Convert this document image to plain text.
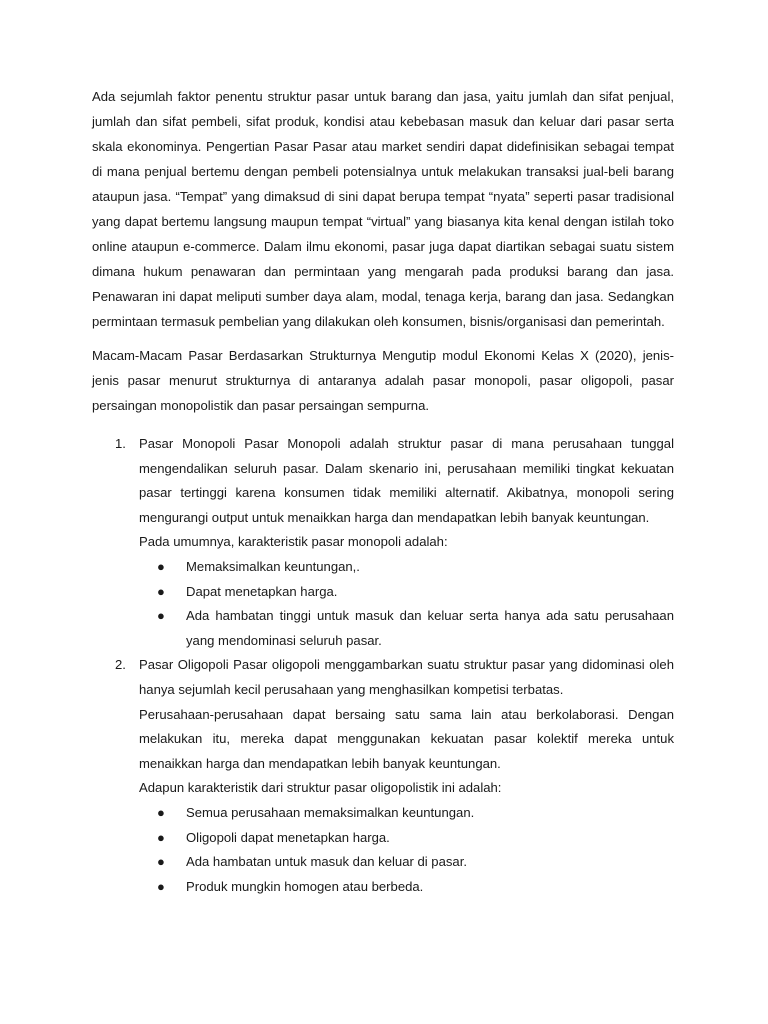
Ada sejumlah faktor penentu struktur pasar untuk barang dan jasa, yaitu jumlah dan sifat penjual, jumlah dan sifat pembeli, sifat produk, kondisi atau kebebasan masuk dan keluar dari pasar serta skala ekonominya. Pengertian Pasar Pasar atau market sendiri dapat didefinisikan sebagai tempat di mana penjual bertemu dengan pembeli potensialnya untuk melakukan transaksi jual-beli barang ataupun jasa. “Tempat” yang dimaksud di sini dapat berupa tempat “nyata” seperti pasar tradisional yang dapat bertemu langsung maupun tempat “virtual” yang biasanya kita kenal dengan istilah toko online ataupun e-commerce. Dalam ilmu ekonomi, pasar juga dapat diartikan sebagai suatu sistem dimana hukum penawaran dan permintaan yang mengarah pada produksi barang dan jasa. Penawaran ini dapat meliputi sumber daya alam, modal, tenaga kerja, barang dan jasa. Sedangkan permintaan termasuk pembelian yang dilakukan oleh konsumen, bisnis/organisasi dan pemerintah.

Macam-Macam Pasar Berdasarkan Strukturnya Mengutip modul Ekonomi Kelas X (2020), jenis-jenis pasar menurut strukturnya di antaranya adalah pasar monopoli, pasar oligopoli, pasar persaingan monopolistik dan pasar persaingan sempurna.

1. Pasar Monopoli Pasar Monopoli adalah struktur pasar di mana perusahaan tunggal mengendalikan seluruh pasar. Dalam skenario ini, perusahaan memiliki tingkat kekuatan pasar tertinggi karena konsumen tidak memiliki alternatif. Akibatnya, monopoli sering mengurangi output untuk menaikkan harga dan mendapatkan lebih banyak keuntungan.

Pada umumnya, karakteristik pasar monopoli adalah:

● Memaksimalkan keuntungan,.
● Dapat menetapkan harga.
● Ada hambatan tinggi untuk masuk dan keluar serta hanya ada satu perusahaan yang mendominasi seluruh pasar.
2. Pasar Oligopoli Pasar oligopoli menggambarkan suatu struktur pasar yang didominasi oleh hanya sejumlah kecil perusahaan yang menghasilkan kompetisi terbatas.

Perusahaan-perusahaan dapat bersaing satu sama lain atau berkolaborasi. Dengan melakukan itu, mereka dapat menggunakan kekuatan pasar kolektif mereka untuk menaikkan harga dan mendapatkan lebih banyak keuntungan.

Adapun karakteristik dari struktur pasar oligopolistik ini adalah:

● Semua perusahaan memaksimalkan keuntungan.
● Oligopoli dapat menetapkan harga.
● Ada hambatan untuk masuk dan keluar di pasar.
● Produk mungkin homogen atau berbeda.
